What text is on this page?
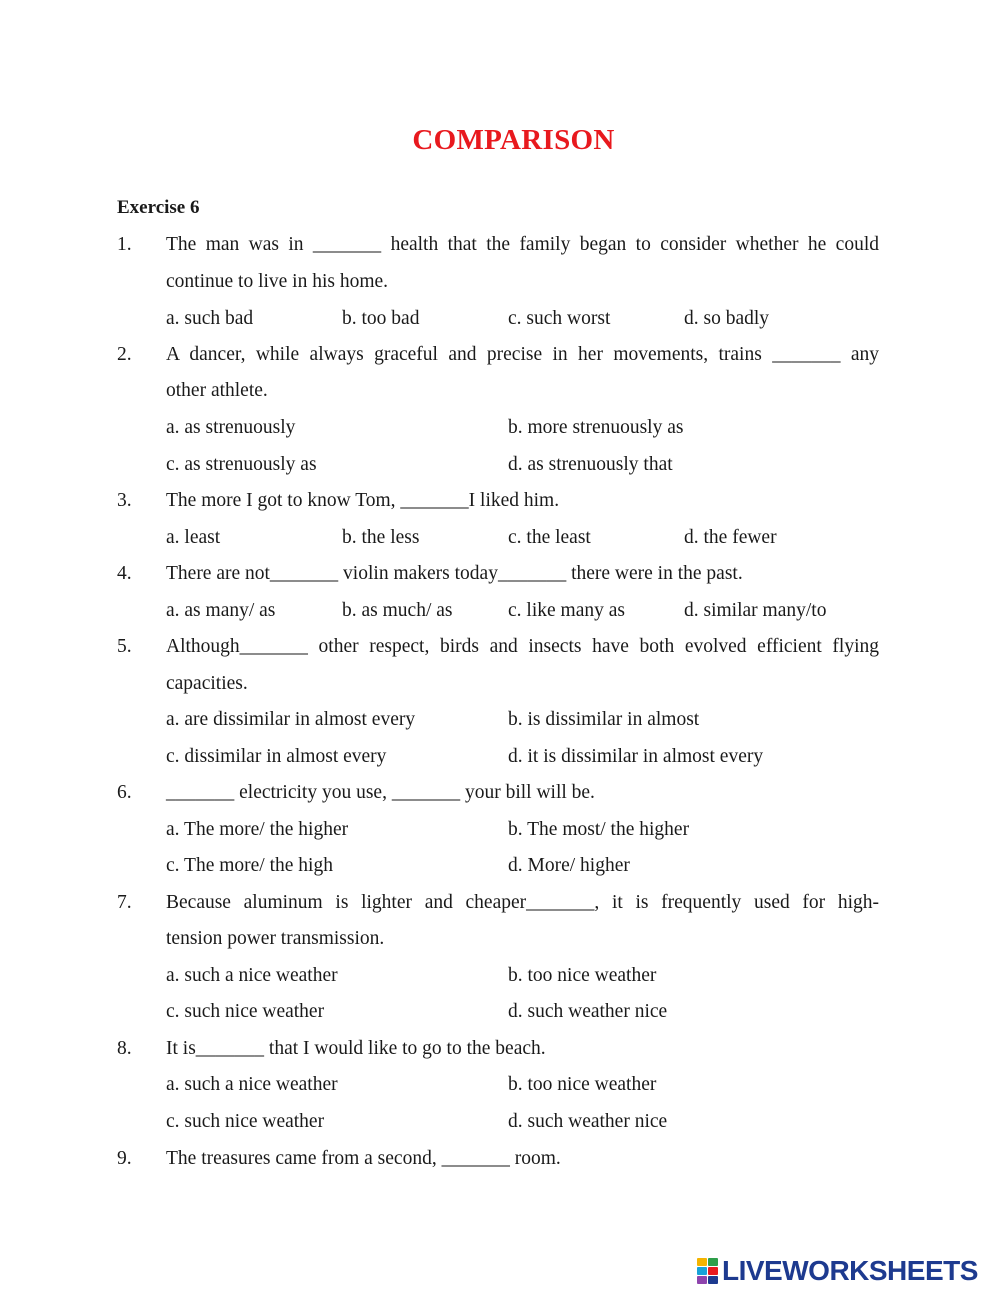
COMPARISON
Exercise 6
1. The man was in _______ health that the family began to consider whether he could
continue to live in his home.
a. such bad	b. too bad	c. such worst	d. so badly
2. A dancer, while always graceful and precise in her movements, trains _______ any
other athlete.
a. as strenuously	b. more strenuously as
c. as strenuously as	d. as strenuously that
3. The more I got to know Tom, _______I liked him.
a. least	b. the less	c. the least	d. the fewer
4. There are not_______ violin makers today_______ there were in the past.
a. as many/ as	b. as much/ as	c. like many as	d. similar many/to
5. Although_______ other respect, birds and insects have both evolved efficient flying
capacities.
a. are dissimilar in almost every	b. is dissimilar in almost
c. dissimilar in almost every	d. it is dissimilar in almost every
6. _______ electricity you use, _______ your bill will be.
a. The more/ the higher	b. The most/ the higher
c. The more/ the high	d. More/ higher
7. Because aluminum is lighter and cheaper_______, it is frequently used for high-
tension power transmission.
a. such a nice weather	b. too nice weather
c. such nice weather	d. such weather nice
8. It is_______ that I would like to go to the beach.
a. such a nice weather	b. too nice weather
c. such nice weather	d. such weather nice
9. The treasures came from a second, _______ room.
LIVEWORKSHEETS
